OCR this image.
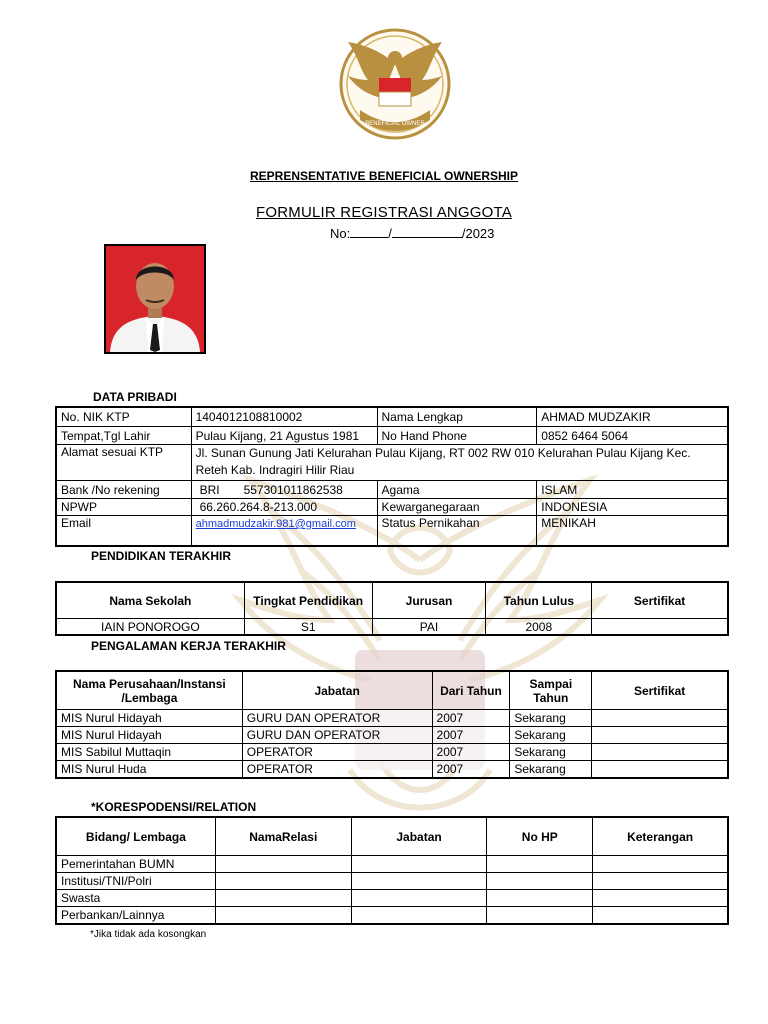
BENEFICIAL OWNER
REPRENSENTATIVE BENEFICIAL OWNERSHIP
FORMULIR REGISTRASI ANGGOTA
No:	/	/2023
DATA PRIBADI
No. NIK KTP	1404012108810002	Nama Lengkap	AHMAD MUDZAKIR
Tempat,Tgl Lahir	Pulau Kijang, 21 Agustus 1981	No Hand Phone	0852 6464 5064
Alamat sesuai KTP	Jl. Sunan Gunung Jati Kelurahan Pulau Kijang, RT 002 RW 010 Kelurahan Pulau Kijang Kec.
Reteh Kab. Indragiri Hilir Riau		

Bank /No rekening	BRI 557301011862538	Agama	ISLAM
NPWP	66.260.264.8-213.000	Kewarganegaraan	INDONESIA
Email	ahmadmudzakir.981@gmail.com	Status Pernikahan	MENIKAH
PENDIDIKAN TERAKHIR
Nama Sekolah	Tingkat Pendidikan	Jurusan	Tahun Lulus	Sertifikat
IAIN PONOROGO	S1	PAI	2008	
PENGALAMAN KERJA TERAKHIR
Nama Perusahaan/Instansi /Lembaga	Jabatan	Dari Tahun	Sampai Tahun	Sertifikat
MIS Nurul Hidayah	GURU DAN OPERATOR	2007	Sekarang	
MIS Nurul Hidayah	GURU DAN OPERATOR	2007	Sekarang	
MIS Sabilul Muttaqin	OPERATOR	2007	Sekarang	
MIS Nurul Huda	OPERATOR	2007	Sekarang	
*KORESPODENSI/RELATION
Bidang/ Lembaga	NamaRelasi	Jabatan	No HP	Keterangan
Pemerintahan BUMN				
Institusi/TNI/Polri				
Swasta				
Perbankan/Lainnya				
*Jika tidak ada kosongkan
